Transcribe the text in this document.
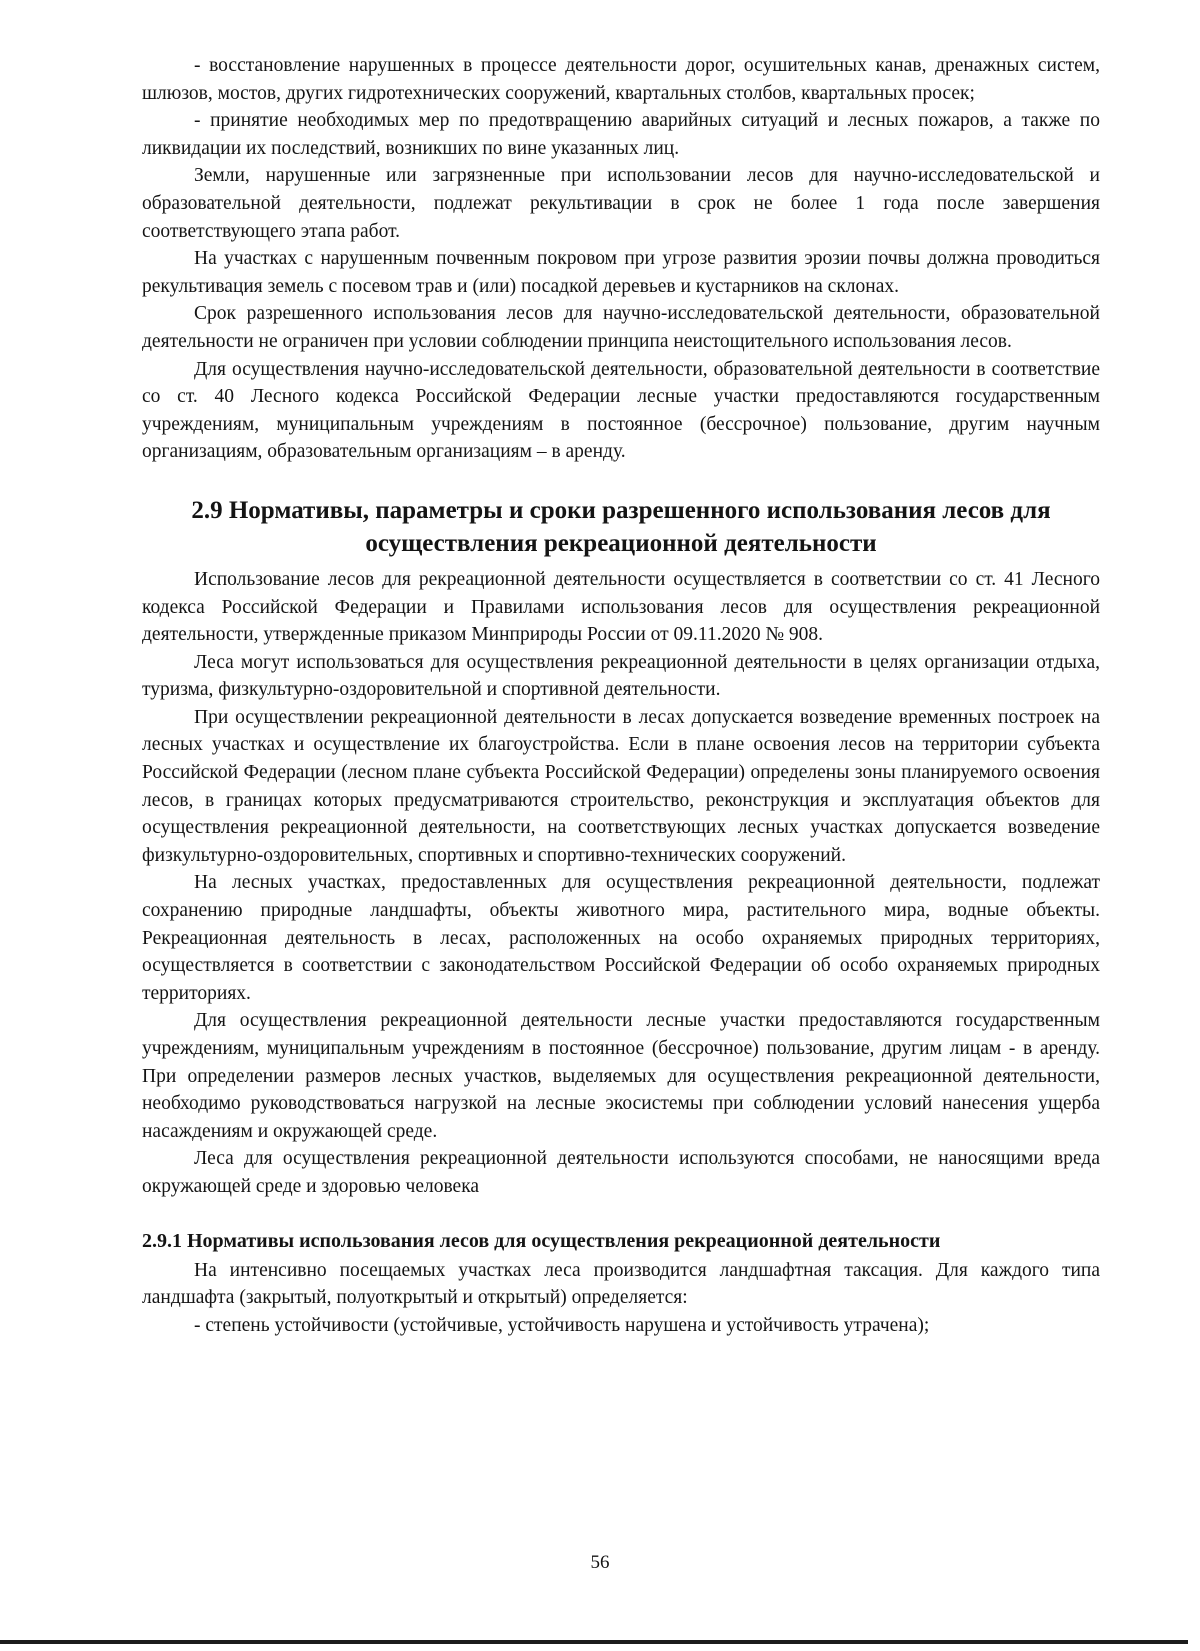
- восстановление нарушенных в процессе деятельности дорог, осушительных канав, дренажных систем, шлюзов, мостов, других гидротехнических сооружений, квартальных столбов, квартальных просек;

- принятие необходимых мер по предотвращению аварийных ситуаций и лесных пожаров, а также по ликвидации их последствий, возникших по вине указанных лиц.

Земли, нарушенные или загрязненные при использовании лесов для научно-исследовательской и образовательной деятельности, подлежат рекультивации в срок не более 1 года после завершения соответствующего этапа работ.

На участках с нарушенным почвенным покровом при угрозе развития эрозии почвы должна проводиться рекультивация земель с посевом трав и (или) посадкой деревьев и кустарников на склонах.

Срок разрешенного использования лесов для научно-исследовательской деятельности, образовательной деятельности не ограничен при условии соблюдении принципа неистощительного использования лесов.

Для осуществления научно-исследовательской деятельности, образовательной деятельности в соответствие со ст. 40 Лесного кодекса Российской Федерации лесные участки предоставляются государственным учреждениям, муниципальным учреждениям в постоянное (бессрочное) пользование, другим научным организациям, образовательным организациям – в аренду.

2.9 Нормативы, параметры и сроки разрешенного использования лесов для осуществления рекреационной деятельности

Использование лесов для рекреационной деятельности осуществляется в соответствии со ст. 41 Лесного кодекса Российской Федерации и Правилами использования лесов для осуществления рекреационной деятельности, утвержденные приказом Минприроды России от 09.11.2020 № 908.

Леса могут использоваться для осуществления рекреационной деятельности в целях организации отдыха, туризма, физкультурно-оздоровительной и спортивной деятельности.

При осуществлении рекреационной деятельности в лесах допускается возведение временных построек на лесных участках и осуществление их благоустройства. Если в плане освоения лесов на территории субъекта Российской Федерации (лесном плане субъекта Российской Федерации) определены зоны планируемого освоения лесов, в границах которых предусматриваются строительство, реконструкция и эксплуатация объектов для осуществления рекреационной деятельности, на соответствующих лесных участках допускается возведение физкультурно-оздоровительных, спортивных и спортивно-технических сооружений.

На лесных участках, предоставленных для осуществления рекреационной деятельности, подлежат сохранению природные ландшафты, объекты животного мира, растительного мира, водные объекты. Рекреационная деятельность в лесах, расположенных на особо охраняемых природных территориях, осуществляется в соответствии с законодательством Российской Федерации об особо охраняемых природных территориях.

Для осуществления рекреационной деятельности лесные участки предоставляются государственным учреждениям, муниципальным учреждениям в постоянное (бессрочное) пользование, другим лицам - в аренду. При определении размеров лесных участков, выделяемых для осуществления рекреационной деятельности, необходимо руководствоваться нагрузкой на лесные экосистемы при соблюдении условий нанесения ущерба насаждениям и окружающей среде.

Леса для осуществления рекреационной деятельности используются способами, не наносящими вреда окружающей среде и здоровью человека

2.9.1 Нормативы использования лесов для осуществления рекреационной деятельности

На интенсивно посещаемых участках леса производится ландшафтная таксация. Для каждого типа ландшафта (закрытый, полуоткрытый и открытый) определяется:

- степень устойчивости (устойчивые, устойчивость нарушена и устойчивость утрачена);

56
